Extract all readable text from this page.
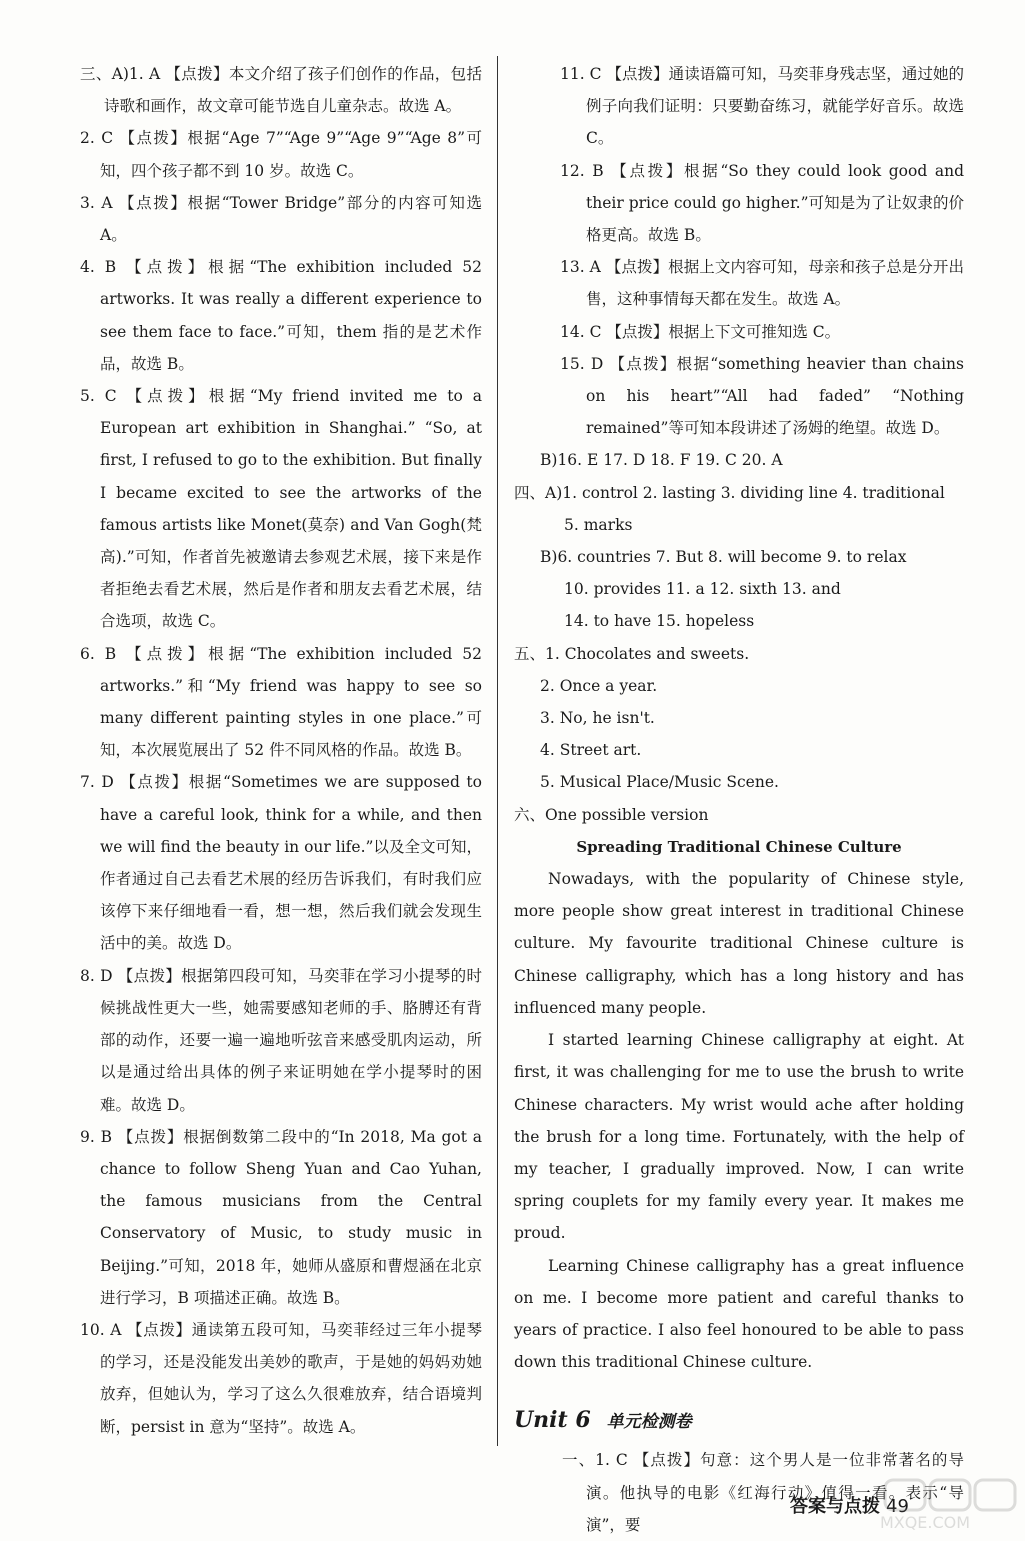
三、A)1. A 【点拨】本文介绍了孩子们创作的作品，包括诗歌和画作，故文章可能节选自儿童杂志。故选 A。
2. C 【点拨】根据“Age 7”“Age 9”“Age 9”“Age 8”可知，四个孩子都不到 10 岁。故选 C。
3. A 【点拨】根据“Tower Bridge”部分的内容可知选 A。
4. B 【点拨】根据“The exhibition included 52 artworks. It was really a different experience to see them face to face.”可知，them 指的是艺术作品，故选 B。
5. C 【点拨】根据“My friend invited me to a European art exhibition in Shanghai.” “So, at first, I refused to go to the exhibition. But finally I became excited to see the artworks of the famous artists like Monet(莫奈) and Van Gogh(梵高).”可知，作者首先被邀请去参观艺术展，接下来是作者拒绝去看艺术展，然后是作者和朋友去看艺术展，结合选项，故选 C。
6. B 【点拨】根据“The exhibition included 52 artworks.”和“My friend was happy to see so many different painting styles in one place.”可知，本次展览展出了 52 件不同风格的作品。故选 B。
7. D 【点拨】根据“Sometimes we are supposed to have a careful look, think for a while, and then we will find the beauty in our life.”以及全文可知，作者通过自己去看艺术展的经历告诉我们，有时我们应该停下来仔细地看一看，想一想，然后我们就会发现生活中的美。故选 D。
8. D 【点拨】根据第四段可知，马奕菲在学习小提琴的时候挑战性更大一些，她需要感知老师的手、胳膊还有背部的动作，还要一遍一遍地听弦音来感受肌肉运动，所以是通过给出具体的例子来证明她在学小提琴时的困难。故选 D。
9. B 【点拨】根据倒数第二段中的“In 2018, Ma got a chance to follow Sheng Yuan and Cao Yuhan, the famous musicians from the Central Conservatory of Music, to study music in Beijing.”可知，2018 年，她师从盛原和曹煜涵在北京进行学习，B 项描述正确。故选 B。
10. A 【点拨】通读第五段可知，马奕菲经过三年小提琴的学习，还是没能发出美妙的歌声，于是她的妈妈劝她放弃，但她认为，学习了这么久很难放弃，结合语境判断，persist in 意为“坚持”。故选 A。
11. C 【点拨】通读语篇可知，马奕菲身残志坚，通过她的例子向我们证明：只要勤奋练习，就能学好音乐。故选 C。
12. B 【点拨】根据“So they could look good and their price could go higher.”可知是为了让奴隶的价格更高。故选 B。
13. A 【点拨】根据上文内容可知，母亲和孩子总是分开出售，这种事情每天都在发生。故选 A。
14. C 【点拨】根据上下文可推知选 C。
15. D 【点拨】根据“something heavier than chains on his heart”“All had faded” “Nothing remained”等可知本段讲述了汤姆的绝望。故选 D。
B)16. E 17. D 18. F 19. C 20. A
四、A)1. control 2. lasting 3. dividing line 4. traditional
5. marks
B)6. countries 7. But 8. will become 9. to relax
10. provides 11. a 12. sixth 13. and
14. to have 15. hopeless
五、1. Chocolates and sweets.
2. Once a year.
3. No, he isn't.
4. Street art.
5. Musical Place/Music Scene.
六、One possible version
Spreading Traditional Chinese Culture
Nowadays, with the popularity of Chinese style, more people show great interest in traditional Chinese culture. My favourite traditional Chinese culture is Chinese calligraphy, which has a long history and has influenced many people.
I started learning Chinese calligraphy at eight. At first, it was challenging for me to use the brush to write Chinese characters. My wrist would ache after holding the brush for a long time. Fortunately, with the help of my teacher, I gradually improved. Now, I can write spring couplets for my family every year. It makes me proud.
Learning Chinese calligraphy has a great influence on me. I become more patient and careful thanks to years of practice. I also feel honoured to be able to pass down this traditional Chinese culture.
Unit 6 单元检测卷
一、1. C 【点拨】句意：这个男人是一位非常著名的导演。他执导的电影《红海行动》值得一看。表示“导演”，要
答案与点拨 49
MXQE.COM
